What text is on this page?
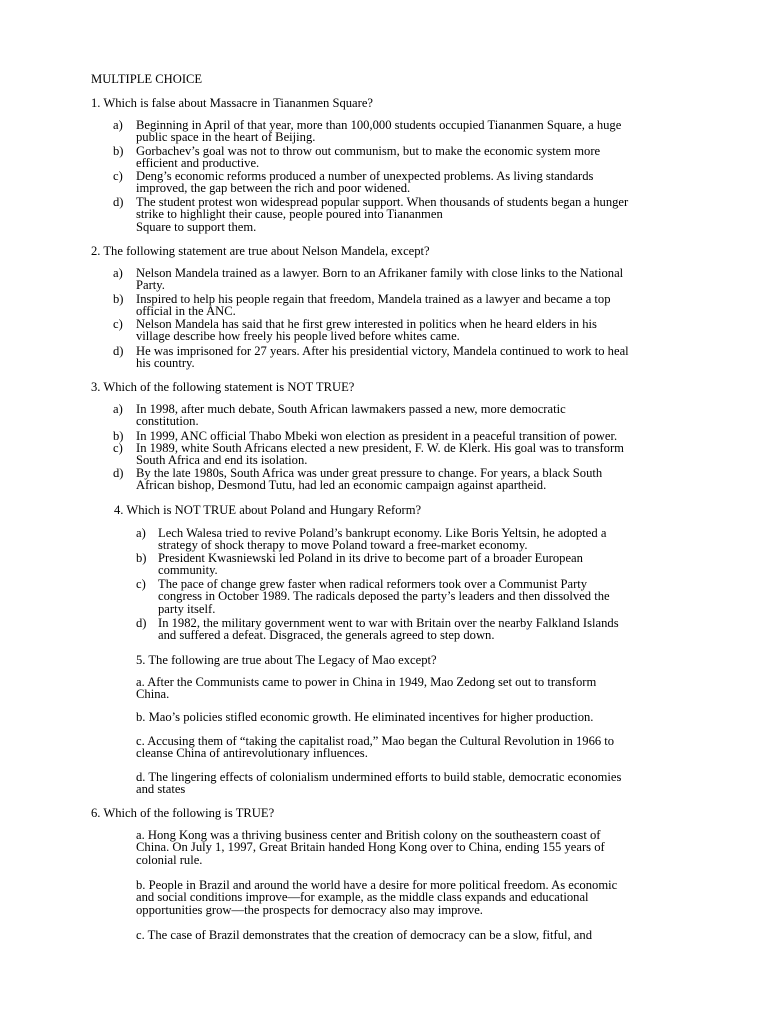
MULTIPLE CHOICE
1. Which is false about Massacre in Tiananmen Square?
a) Beginning in April of that year, more than 100,000 students occupied Tiananmen Square, a huge
public space in the heart of Beijing.
b) Gorbachev’s goal was not to throw out communism, but to make the economic system more
efficient and productive.
c) Deng’s economic reforms produced a number of unexpected problems. As living standards
improved, the gap between the rich and poor widened.
d) The student protest won widespread popular support. When thousands of students began a hunger
strike to highlight their cause, people poured into Tiananmen
Square to support them.
2. The following statement are true about Nelson Mandela, except?
a) Nelson Mandela trained as a lawyer. Born to an Afrikaner family with close links to the National
Party.
b) Inspired to help his people regain that freedom, Mandela trained as a lawyer and became a top
official in the ANC.
c) Nelson Mandela has said that he first grew interested in politics when he heard elders in his
village describe how freely his people lived before whites came.
d) He was imprisoned for 27 years. After his presidential victory, Mandela continued to work to heal
his country.
3. Which of the following statement is NOT TRUE?
a) In 1998, after much debate, South African lawmakers passed a new, more democratic
constitution.
b) In 1999, ANC official Thabo Mbeki won election as president in a peaceful transition of power.
c) In 1989, white South Africans elected a new president, F. W. de Klerk. His goal was to transform
South Africa and end its isolation.
d) By the late 1980s, South Africa was under great pressure to change. For years, a black South
African bishop, Desmond Tutu, had led an economic campaign against apartheid.
4. Which is NOT TRUE about Poland and Hungary Reform?
a) Lech Walesa tried to revive Poland’s bankrupt economy. Like Boris Yeltsin, he adopted a
strategy of shock therapy to move Poland toward a free-market economy.
b) President Kwasniewski led Poland in its drive to become part of a broader European
community.
c) The pace of change grew faster when radical reformers took over a Communist Party
congress in October 1989. The radicals deposed the party’s leaders and then dissolved the
party itself.
d) In 1982, the military government went to war with Britain over the nearby Falkland Islands
and suffered a defeat. Disgraced, the generals agreed to step down.
5. The following are true about The Legacy of Mao except?
a. After the Communists came to power in China in 1949, Mao Zedong set out to transform
China.
b. Mao’s policies stifled economic growth. He eliminated incentives for higher production.
c. Accusing them of “taking the capitalist road,” Mao began the Cultural Revolution in 1966 to
cleanse China of antirevolutionary influences.
d. The lingering effects of colonialism undermined efforts to build stable, democratic economies
and states
6. Which of the following is TRUE?
a. Hong Kong was a thriving business center and British colony on the southeastern coast of
China. On July 1, 1997, Great Britain handed Hong Kong over to China, ending 155 years of
colonial rule.
b. People in Brazil and around the world have a desire for more political freedom. As economic
and social conditions improve—for example, as the middle class expands and educational
opportunities grow—the prospects for democracy also may improve.
c. The case of Brazil demonstrates that the creation of democracy can be a slow, fitful, and
